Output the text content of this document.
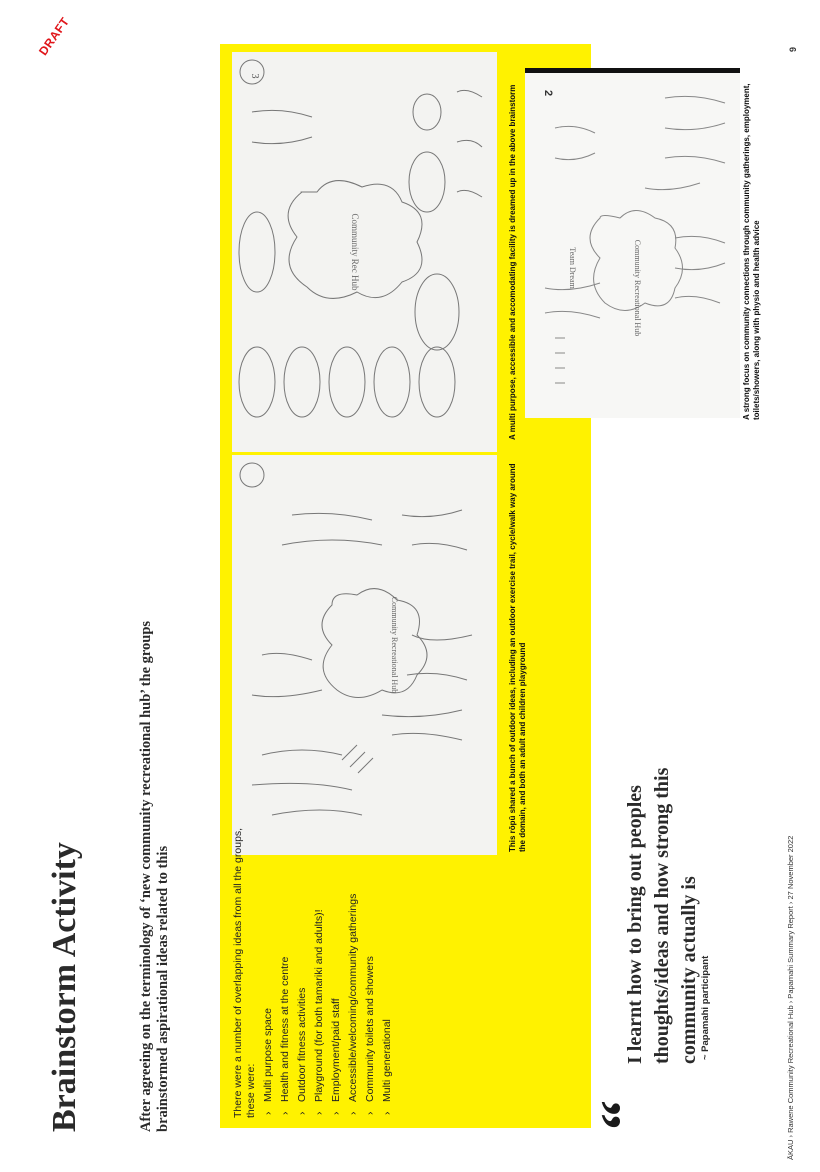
DRAFT	9
Brainstorm Activity	After agreeing on the terminology of ‘new community recreational hub’ the groups brainstormed aspirational ideas related to this

Community Recreational Hub
Community Rec Hub
3
Community Recreational Hub
Team Dream
2
This rōpū shared a bunch of outdoor ideas, including an outdoor exercise trail, cycle/walk way around the domain, and both an adult and children playground
A multi purpose, accessible and accomodating facility is dreamed up in the above brainstorm	A strong focus on community connections through community gatherings, employment, toilets/showers, along with physio and health advice
There were a number of overlapping ideas from all the groups, these were: › Multi purpose space › Health and fitness at the centre › Outdoor fitness activities › Playground (for both tamariki and adults)! › Employment/paid staff › Accessible/welcoming/community gatherings › Community toilets and showers › Multi generational
“
I learnt how to bring out peoples thoughts/ideas and how strong this community actually is ~ Papamahi participant	ĀKAU › Rawene Community Recreational Hub › Papamahi Summary Report › 27 November 2022
